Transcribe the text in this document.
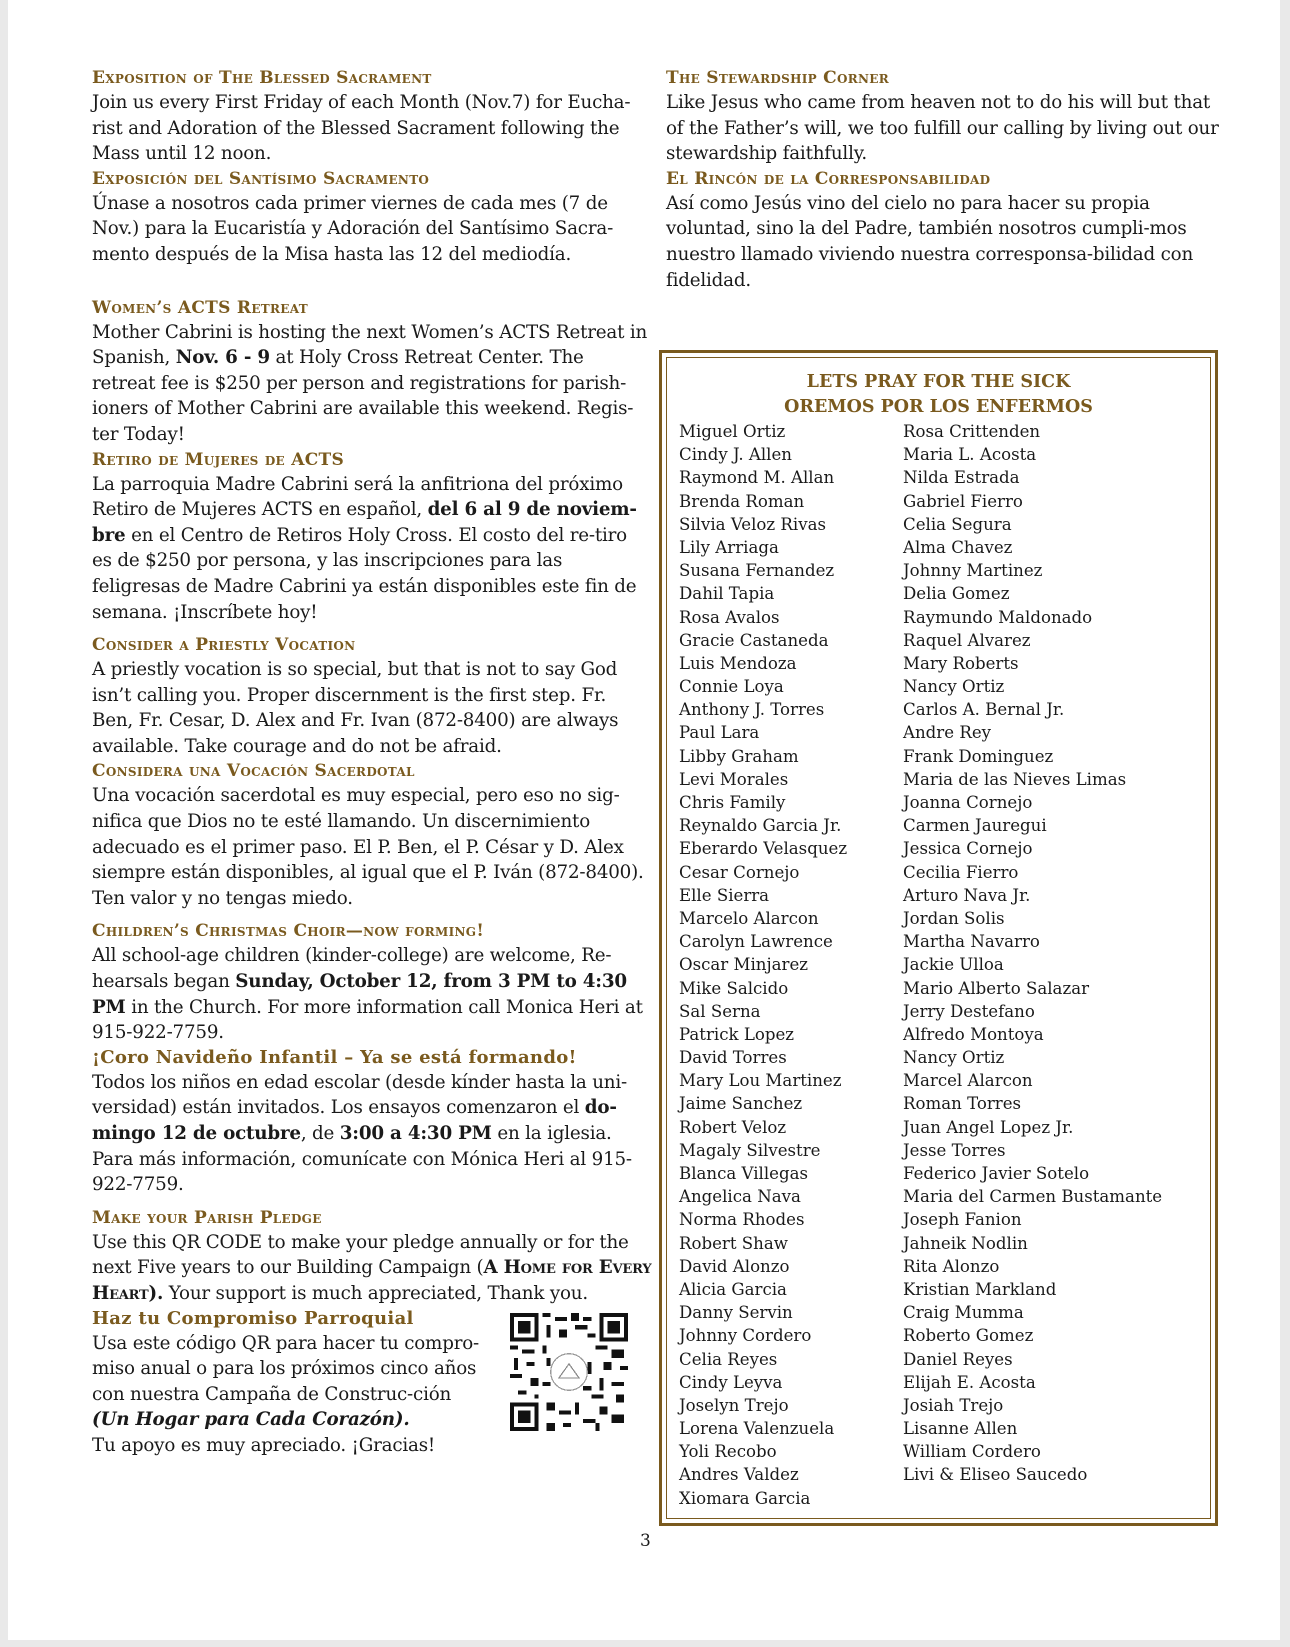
Exposition of The Blessed Sacrament

Join us every First Friday of each Month (Nov.7) for Eucha-rist and Adoration of the Blessed Sacrament following the Mass until 12 noon.

Exposición del Santísimo Sacramento

Únase a nosotros cada primer viernes de cada mes (7 de Nov.) para la Eucaristía y Adoración del Santísimo Sacra-mento después de la Misa hasta las 12 del mediodía.

Women’s ACTS Retreat

Mother Cabrini is hosting the next Women’s ACTS Retreat in Spanish, Nov. 6 - 9 at Holy Cross Retreat Center. The retreat fee is $250 per person and registrations for parish-ioners of Mother Cabrini are available this weekend. Regis-ter Today!

Retiro de Mujeres de ACTS

La parroquia Madre Cabrini será la anfitriona del próximo Retiro de Mujeres ACTS en español, del 6 al 9 de noviem-bre en el Centro de Retiros Holy Cross. El costo del re-tiro es de $250 por persona, y las inscripciones para las feligresas de Madre Cabrini ya están disponibles este fin de semana. ¡Inscríbete hoy!

Consider a Priestly Vocation

A priestly vocation is so special, but that is not to say God isn’t calling you. Proper discernment is the first step. Fr. Ben, Fr. Cesar, D. Alex and Fr. Ivan (872-8400) are always available. Take courage and do not be afraid.

Considera una Vocación Sacerdotal

Una vocación sacerdotal es muy especial, pero eso no sig-nifica que Dios no te esté llamando. Un discernimiento adecuado es el primer paso. El P. Ben, el P. César y D. Alex siempre están disponibles, al igual que el P. Iván (872-8400). Ten valor y no tengas miedo.

Children’s Christmas Choir—now forming!

All school-age children (kinder-college) are welcome, Re-hearsals began Sunday, October 12, from 3 PM to 4:30 PM in the Church. For more information call Monica Heri at 915-922-7759.

¡Coro Navideño Infantil – Ya se está formando!

Todos los niños en edad escolar (desde kínder hasta la uni-versidad) están invitados. Los ensayos comenzaron el do-mingo 12 de octubre, de 3:00 a 4:30 PM en la iglesia. Para más información, comunícate con Mónica Heri al 915-922-7759.

Make your Parish Pledge

Use this QR CODE to make your pledge annually or for the next Five years to our Building Campaign (A Home for Every Heart). Your support is much appreciated, Thank you.

Haz tu Compromiso Parroquial

Usa este código QR para hacer tu compro-miso anual o para los próximos cinco años con nuestra Campaña de Construc-ción (Un Hogar para Cada Corazón).
Tu apoyo es muy apreciado. ¡Gracias!

The Stewardship Corner

Like Jesus who came from heaven not to do his will but that of the Father’s will, we too fulfill our calling by living out our stewardship faithfully.

El Rincón de la Corresponsabilidad

Así como Jesús vino del cielo no para hacer su propia voluntad, sino la del Padre, también nosotros cumpli-mos nuestro llamado viviendo nuestra corresponsa-bilidad con fidelidad.

LETS PRAY FOR THE SICK
OREMOS POR LOS ENFERMOS
Miguel Ortiz	Rosa Crittenden
Cindy J. Allen	Maria L. Acosta
Raymond M. Allan	Nilda Estrada
Brenda Roman	Gabriel Fierro
Silvia Veloz Rivas	Celia Segura
Lily Arriaga	Alma Chavez
Susana Fernandez	Johnny Martinez
Dahil Tapia	Delia Gomez
Rosa Avalos	Raymundo Maldonado
Gracie Castaneda	Raquel Alvarez
Luis Mendoza	Mary Roberts
Connie Loya	Nancy Ortiz
Anthony J. Torres	Carlos A. Bernal Jr.
Paul Lara	Andre Rey
Libby Graham	Frank Dominguez
Levi Morales	Maria de las Nieves Limas
Chris Family	Joanna Cornejo
Reynaldo Garcia Jr.	Carmen Jauregui
Eberardo Velasquez	Jessica Cornejo
Cesar Cornejo	Cecilia Fierro
Elle Sierra	Arturo Nava Jr.
Marcelo Alarcon	Jordan Solis
Carolyn Lawrence	Martha Navarro
Oscar Minjarez	Jackie Ulloa
Mike Salcido	Mario Alberto Salazar
Sal Serna	Jerry Destefano
Patrick Lopez	Alfredo Montoya
David Torres	Nancy Ortiz
Mary Lou Martinez	Marcel Alarcon
Jaime Sanchez	Roman Torres
Robert Veloz	Juan Angel Lopez Jr.
Magaly Silvestre	Jesse Torres
Blanca Villegas	Federico Javier Sotelo
Angelica Nava	Maria del Carmen Bustamante
Norma Rhodes	Joseph Fanion
Robert Shaw	Jahneik Nodlin
David Alonzo	Rita Alonzo
Alicia Garcia	Kristian Markland
Danny Servin	Craig Mumma
Johnny Cordero	Roberto Gomez
Celia Reyes	Daniel Reyes
Cindy Leyva	Elijah E. Acosta
Joselyn Trejo	Josiah Trejo
Lorena Valenzuela	Lisanne Allen
Yoli Recobo	William Cordero
Andres Valdez	Livi & Eliseo Saucedo
Xiomara Garcia
3
